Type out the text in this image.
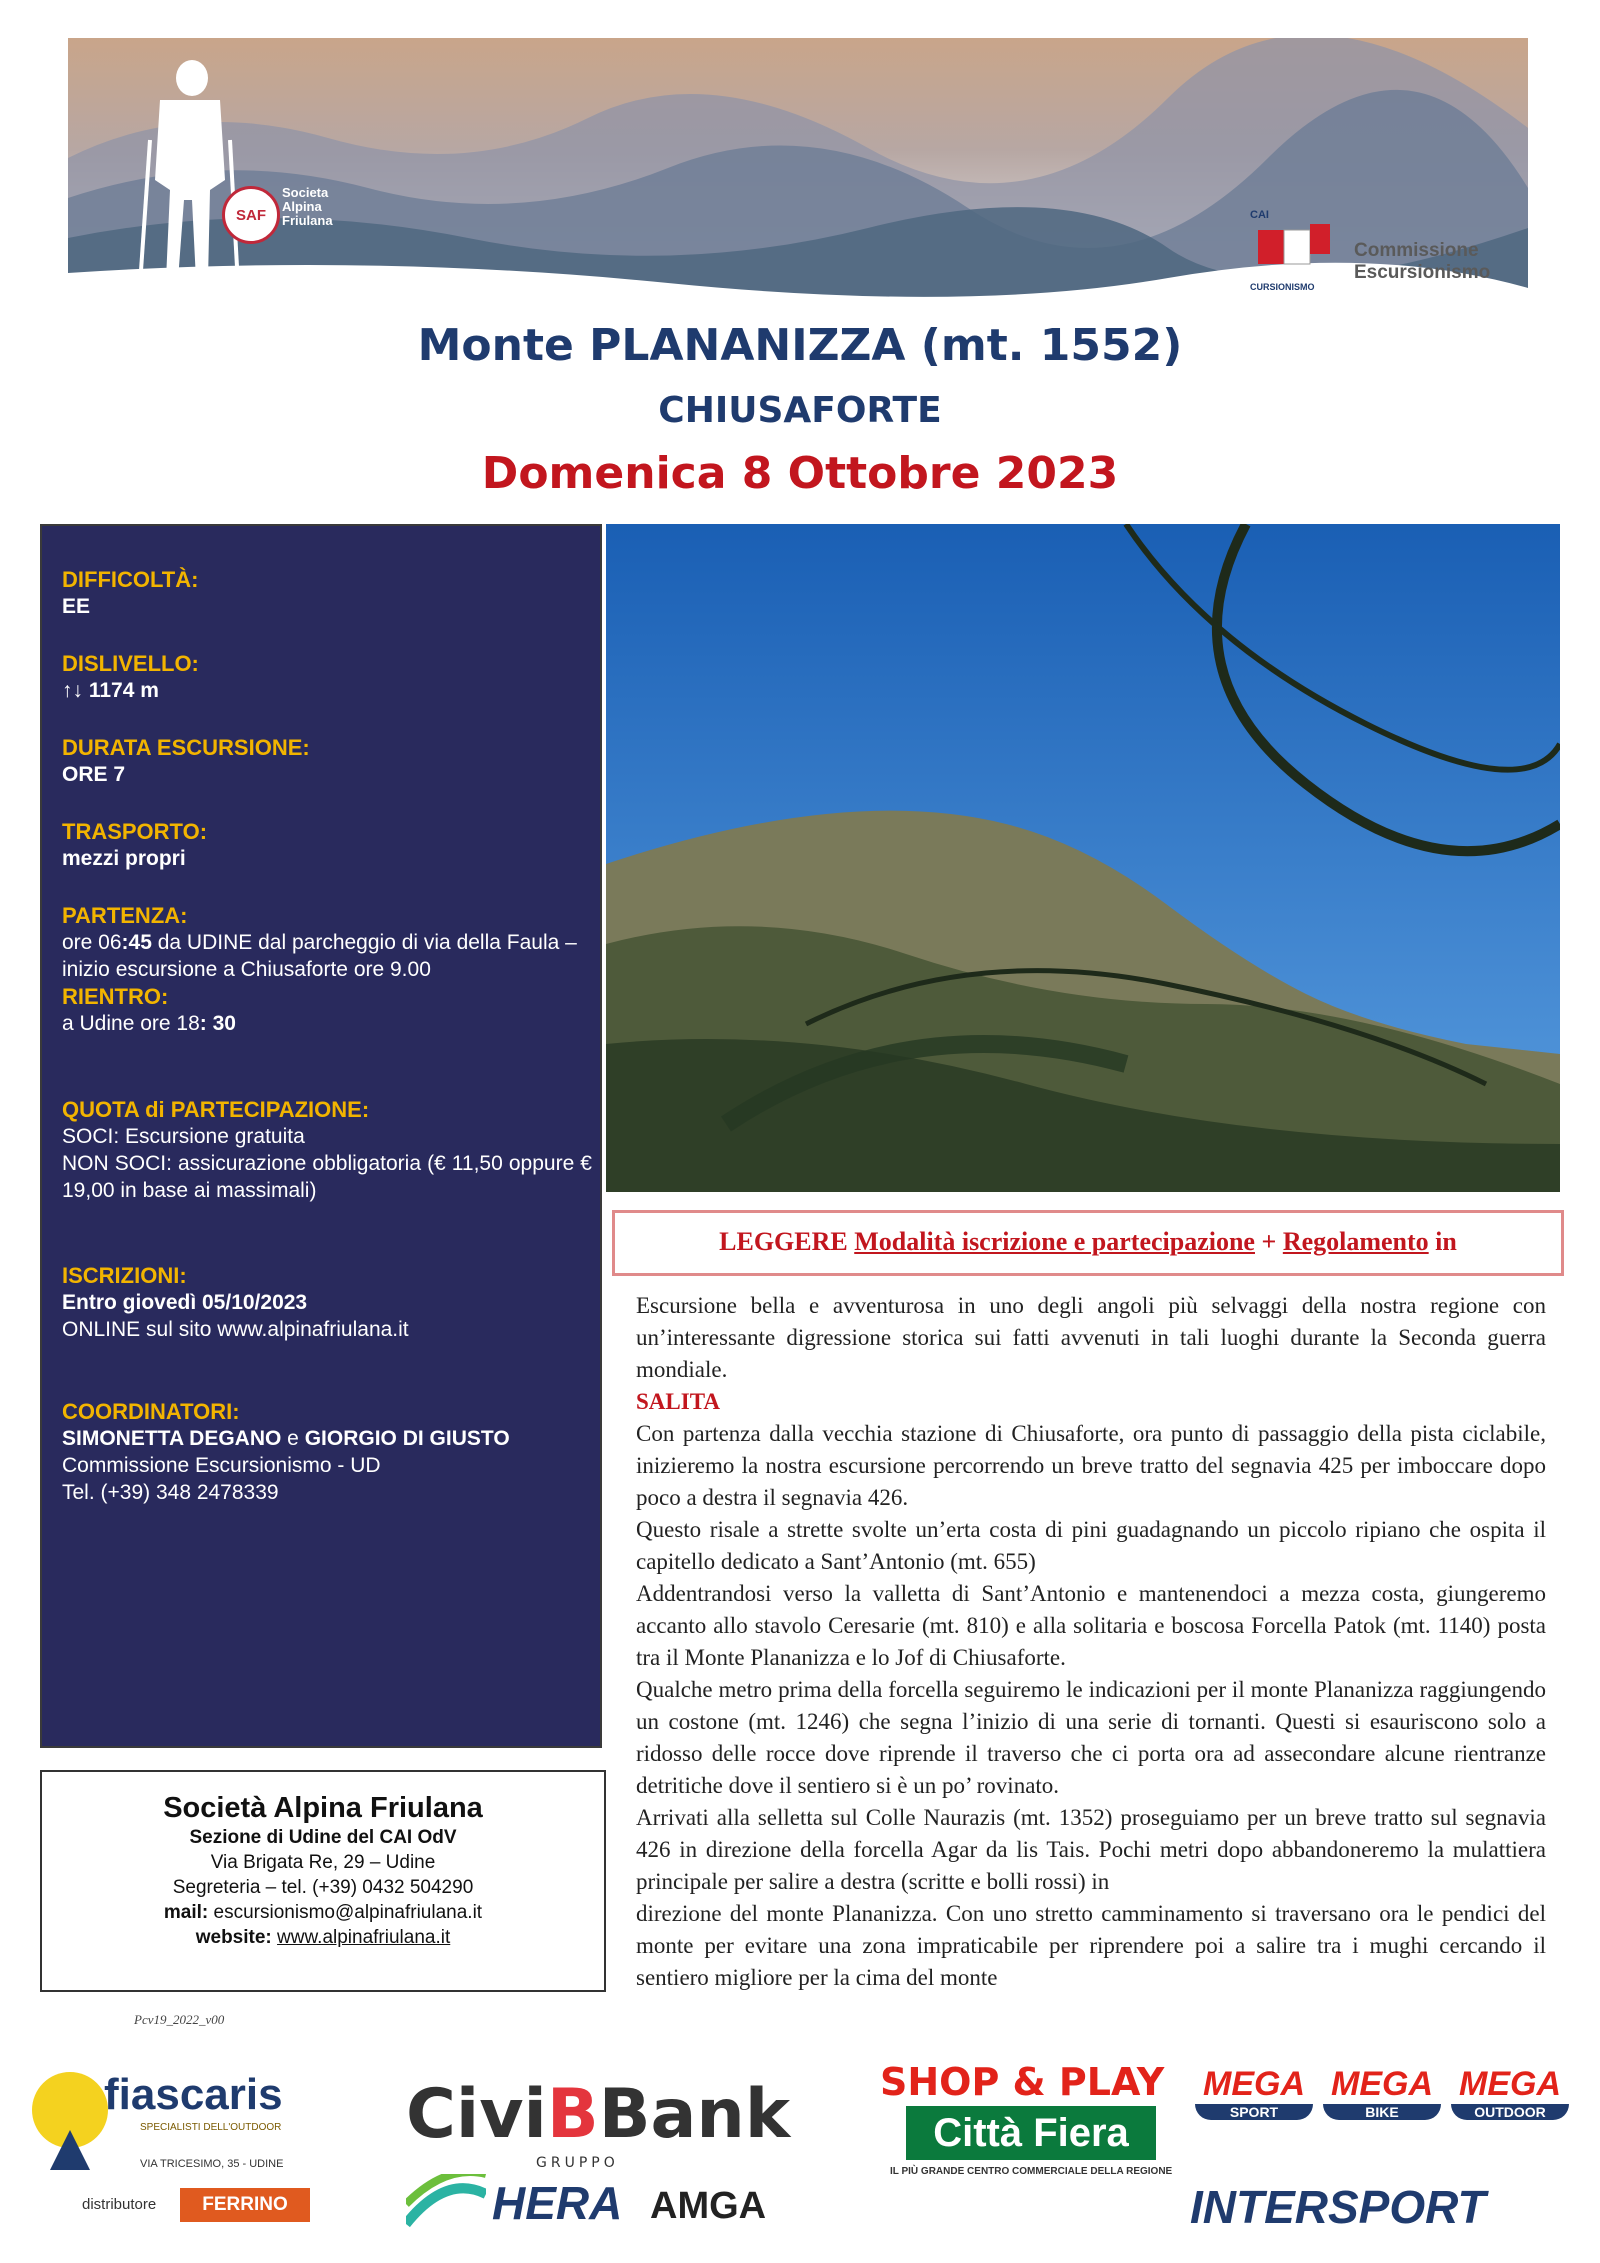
SAF
Societa
Alpina
Friulana	CAI
CURSIONISMO
Commissione
Escursionismo
Monte PLANANIZZA (mt. 1552)
CHIUSAFORTE
Domenica 8 Ottobre 2023
DIFFICOLTÀ:
EE
DISLIVELLO:
↑↓ 1174 m
DURATA ESCURSIONE:
ORE 7
TRASPORTO:
mezzi propri
PARTENZA:
ore 06:45 da UDINE dal parcheggio di via della Faula – inizio escursione a Chiusaforte ore 9.00
RIENTRO:
a Udine ore 18: 30
QUOTA di PARTECIPAZIONE:
SOCI: Escursione gratuita
NON SOCI: assicurazione obbligatoria (€ 11,50 oppure € 19,00 in base ai massimali)
ISCRIZIONI:
Entro giovedì 05/10/2023
ONLINE sul sito www.alpinafriulana.it
COORDINATORI:
SIMONETTA DEGANO e GIORGIO DI GIUSTO
Commissione Escursionismo - UD
Tel. (+39) 348 2478339
LEGGERE Modalità iscrizione e partecipazione + Regolamento in

Escursione bella e avventurosa in uno degli angoli più selvaggi della nostra regione con un’interessante digressione storica sui fatti avvenuti in tali luoghi durante la Seconda guerra mondiale.

SALITA

Con partenza dalla vecchia stazione di Chiusaforte, ora punto di passaggio della pista ciclabile, inizieremo la nostra escursione percorrendo un breve tratto del segnavia 425 per imboccare dopo poco a destra il segnavia 426.

Questo risale a strette svolte un’erta costa di pini guadagnando un piccolo ripiano che ospita il capitello dedicato a Sant’Antonio (mt. 655)

Addentrandosi verso la valletta di Sant’Antonio e mantenendoci a mezza costa, giungeremo accanto allo stavolo Ceresarie (mt. 810) e alla solitaria e boscosa Forcella Patok (mt. 1140) posta tra il Monte Plananizza e lo Jof di Chiusaforte.

Qualche metro prima della forcella seguiremo le indicazioni per il monte Plananizza raggiungendo un costone (mt. 1246) che segna l’inizio di una serie di tornanti. Questi si esauriscono solo a ridosso delle rocce dove riprende il traverso che ci porta ora ad assecondare alcune rientranze detritiche dove il sentiero si è un po’ rovinato.

Arrivati alla selletta sul Colle Naurazis (mt. 1352) proseguiamo per un breve tratto sul segnavia 426 in direzione della forcella Agar da lis Tais. Pochi metri dopo abbandoneremo la mulattiera principale per salire a destra (scritte e bolli rossi) in

direzione del monte Plananizza. Con uno stretto camminamento si traversano ora le pendici del monte per evitare una zona impraticabile per riprendere poi a salire tra i mughi cercando il sentiero migliore per la cima del monte

Società Alpina Friulana
Sezione di Udine del CAI OdV
Via Brigata Re, 29 – Udine
Segreteria – tel. (+39) 0432 504290
mail: escursionismo@alpinafriulana.it
website: www.alpinafriulana.it
Pcv19_2022_v00
fiascaris
SPECIALISTI DELL'OUTDOOR
VIA TRICESIMO, 35 - UDINE
distributore	FERRINO
CiviBBank
GRUPPO
HERA AMGA
SHOP & PLAY
Città Fiera
IL PIÙ GRANDE CENTRO COMMERCIALE DELLA REGIONE
MEGA
SPORT
MEGA
BIKE
MEGA
OUTDOOR
INTERSPORT
